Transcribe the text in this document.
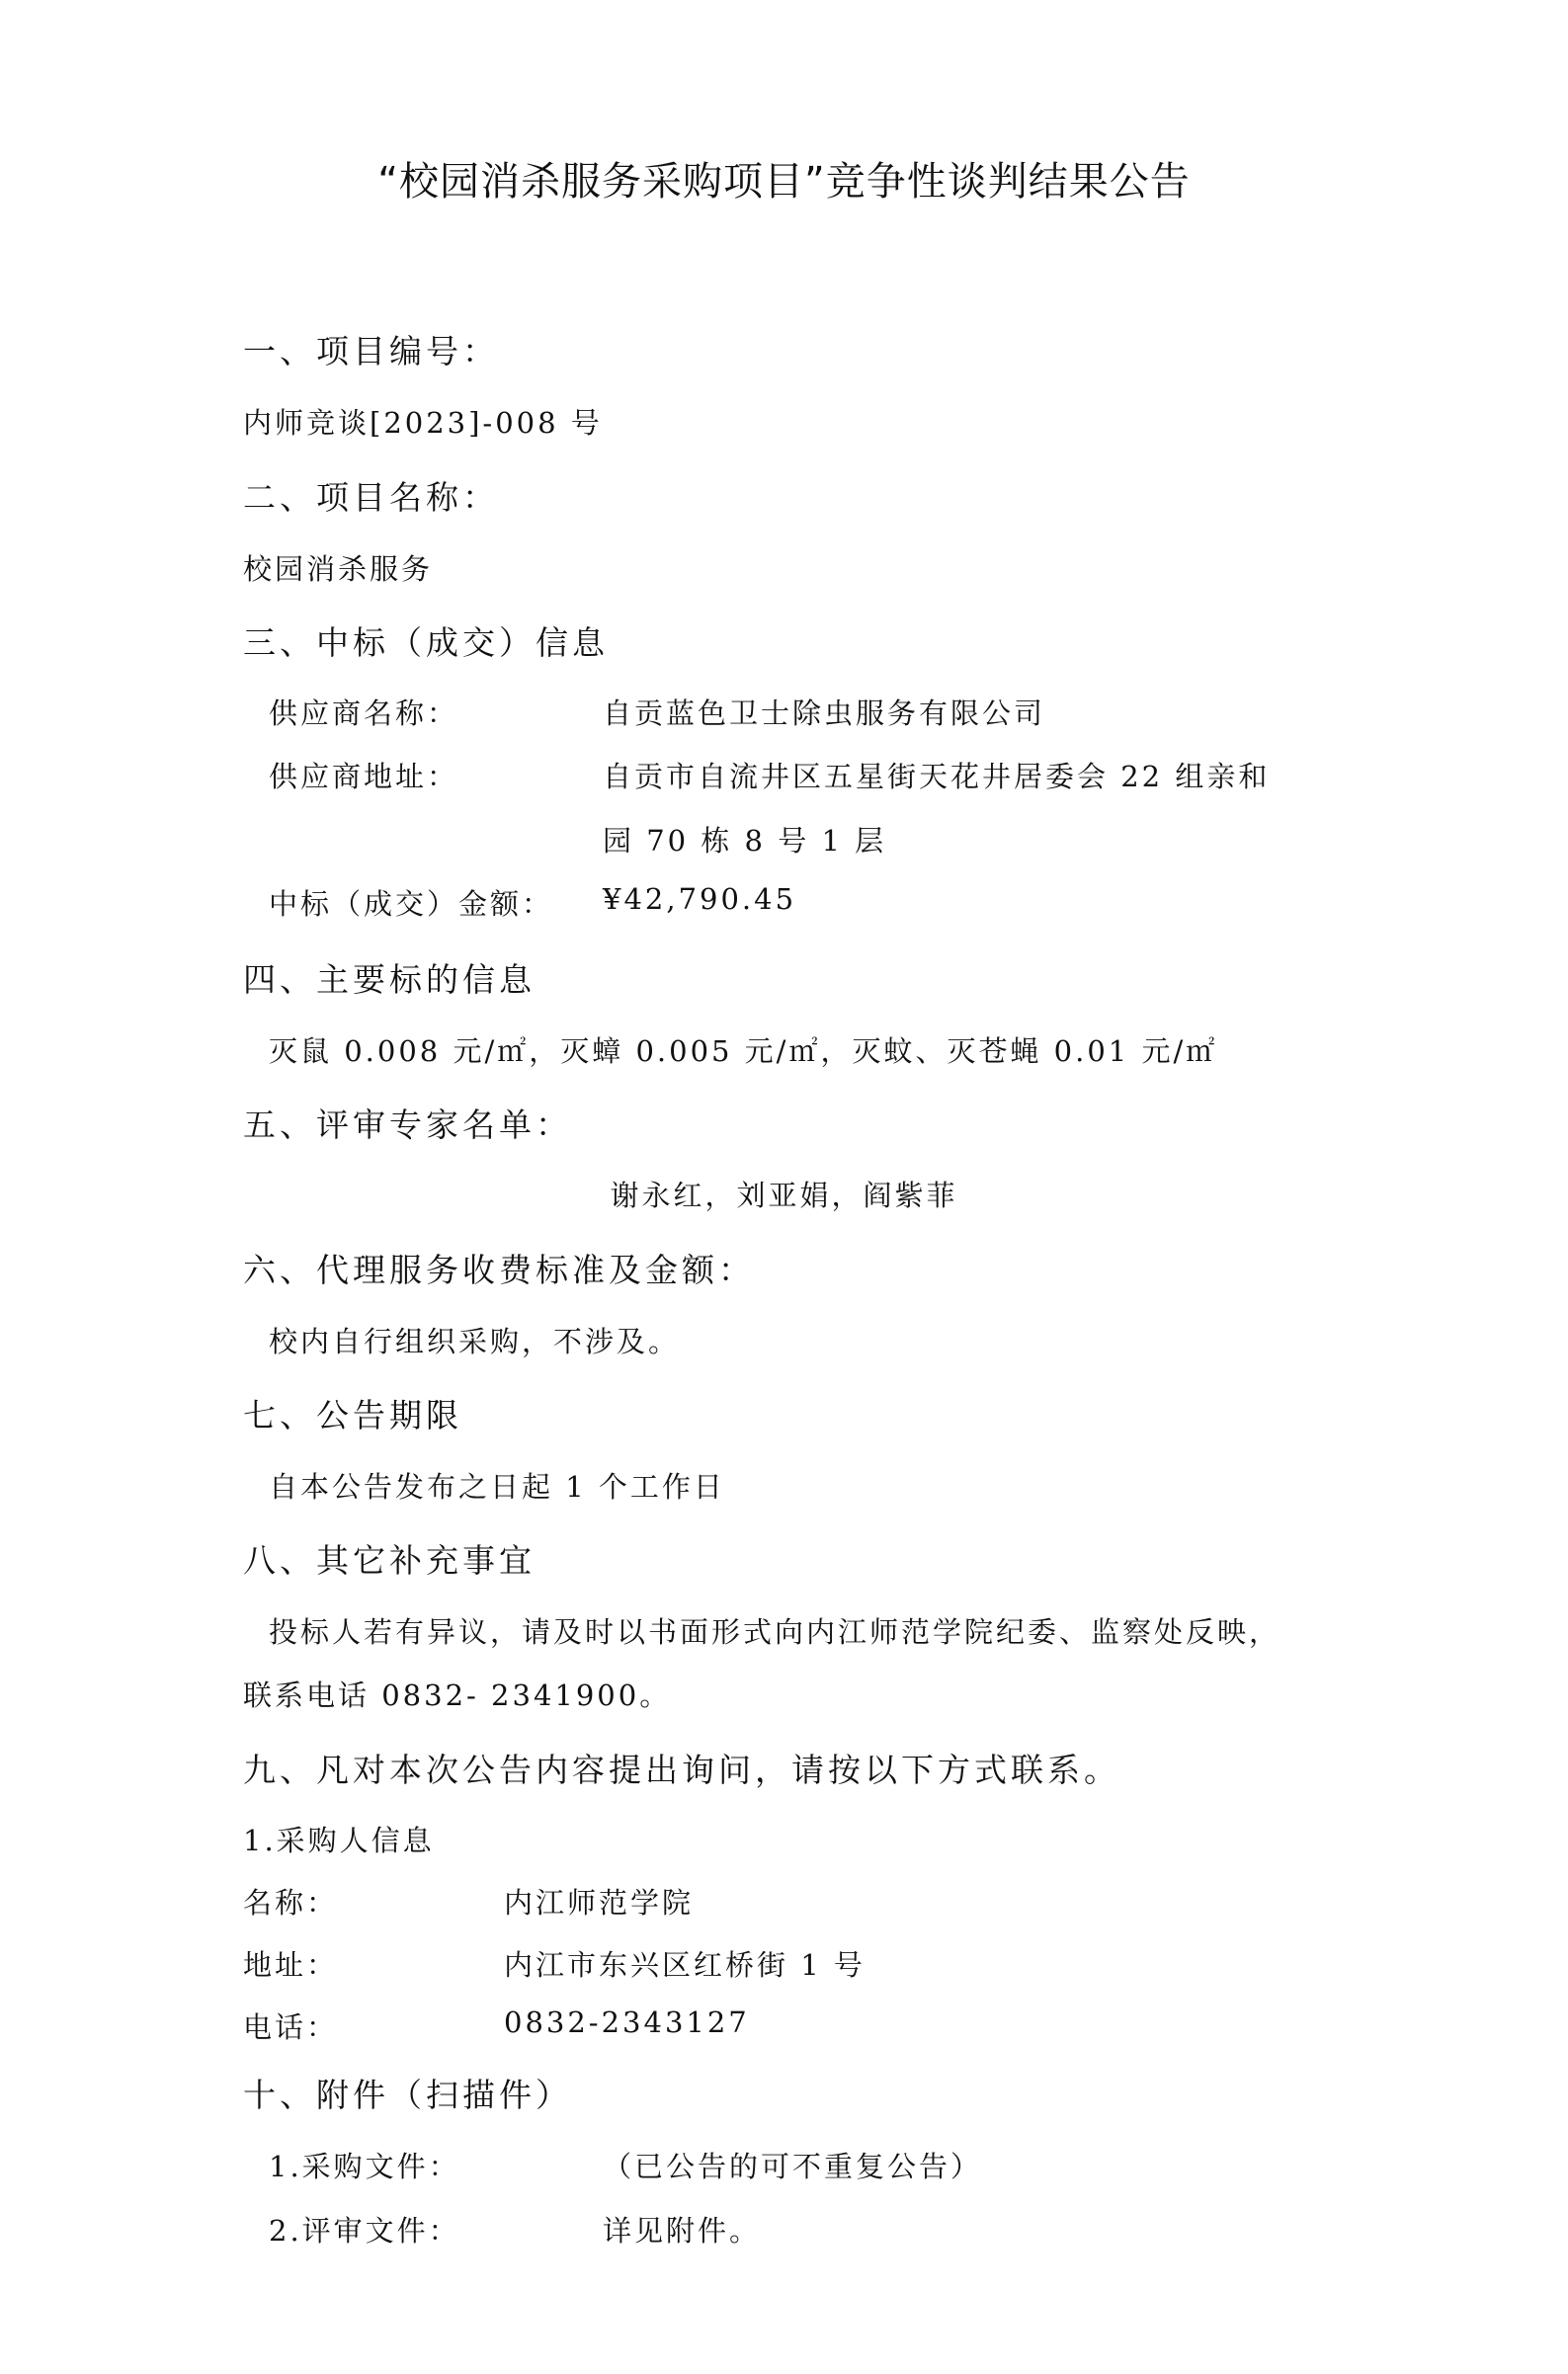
“校园消杀服务采购项目”竞争性谈判结果公告
一、项目编号：
内师竞谈[2023]-008 号
二、项目名称：
校园消杀服务
三、中标（成交）信息
供应商名称：	自贡蓝色卫士除虫服务有限公司
供应商地址：	自贡市自流井区五星街天花井居委会 22 组亲和
园 70 栋 8 号 1 层
中标（成交）金额： ¥42,790.45
四、主要标的信息
灭鼠 0.008 元/㎡，灭蟑 0.005 元/㎡，灭蚊、灭苍蝇 0.01 元/㎡
五、评审专家名单：
谢永红，刘亚娟，阎紫菲
六、代理服务收费标准及金额：
校内自行组织采购，不涉及。
七、公告期限
自本公告发布之日起 1 个工作日
八、其它补充事宜
投标人若有异议，请及时以书面形式向内江师范学院纪委、监察处反映，
联系电话 0832- 2341900。
九、凡对本次公告内容提出询问，请按以下方式联系。
1.采购人信息
名称：	内江师范学院
地址：	内江市东兴区红桥街 1 号
电话：	0832-2343127
十、附件（扫描件）
1.采购文件：	（已公告的可不重复公告）
2.评审文件：	详见附件。
